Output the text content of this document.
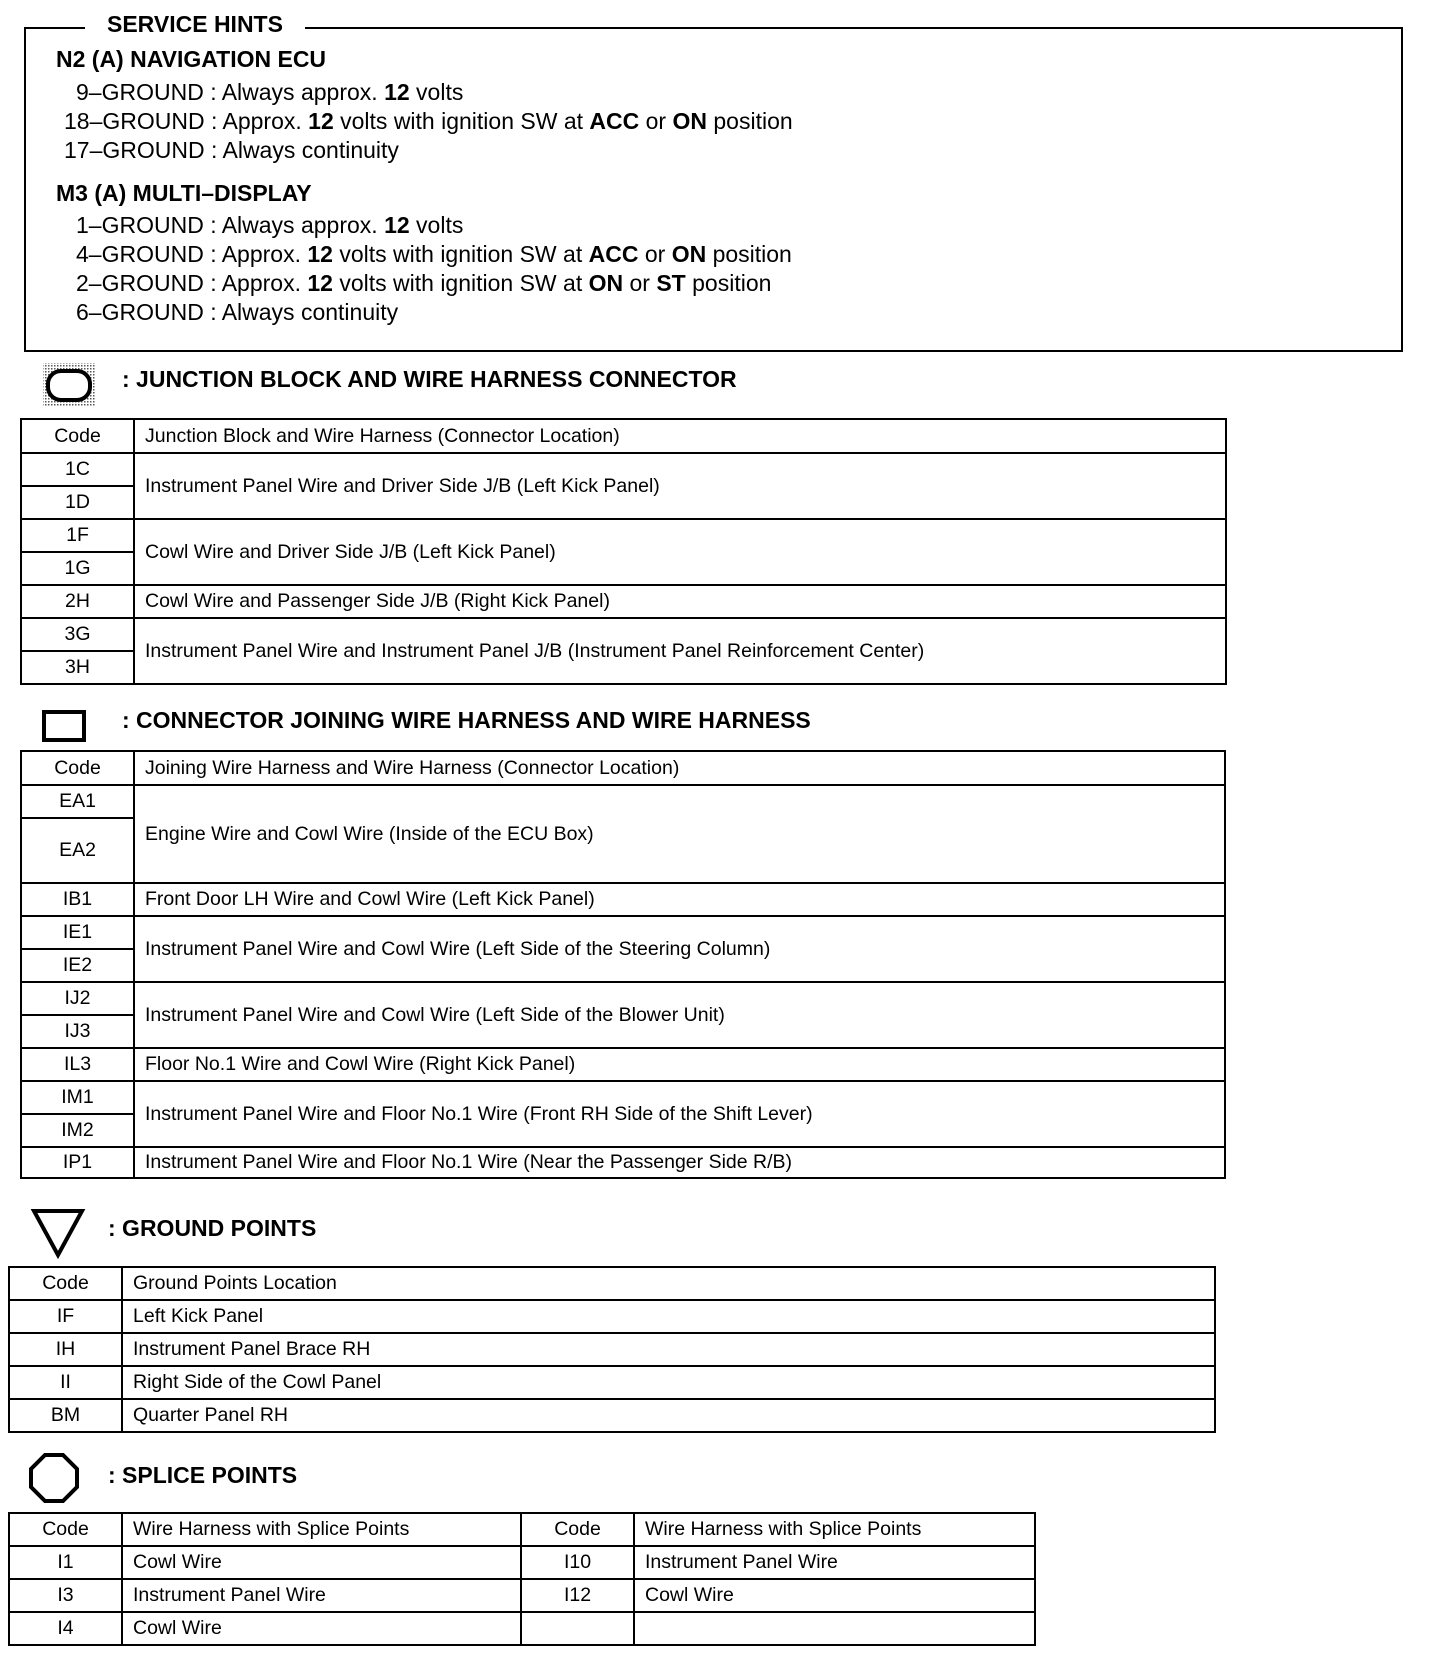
SERVICE HINTS
N2 (A) NAVIGATION ECU
9–GROUND : Always approx. 12 volts
18–GROUND : Approx. 12 volts with ignition SW at ACC or ON position
17–GROUND : Always continuity
M3 (A) MULTI–DISPLAY
1–GROUND : Always approx. 12 volts
4–GROUND : Approx. 12 volts with ignition SW at ACC or ON position
2–GROUND : Approx. 12 volts with ignition SW at ON or ST position
6–GROUND : Always continuity
: JUNCTION BLOCK AND WIRE HARNESS CONNECTOR
Code	Junction Block and Wire Harness (Connector Location)
1C	Instrument Panel Wire and Driver Side J/B (Left Kick Panel)
1D	
1F	Cowl Wire and Driver Side J/B (Left Kick Panel)
1G	
2H	Cowl Wire and Passenger Side J/B (Right Kick Panel)
3G	Instrument Panel Wire and Instrument Panel J/B (Instrument Panel Reinforcement Center)
3H	
: CONNECTOR JOINING WIRE HARNESS AND WIRE HARNESS
Code	Joining Wire Harness and Wire Harness (Connector Location)
EA1	Engine Wire and Cowl Wire (Inside of the ECU Box)
EA2	
IB1	Front Door LH Wire and Cowl Wire (Left Kick Panel)
IE1	Instrument Panel Wire and Cowl Wire (Left Side of the Steering Column)
IE2	
IJ2	Instrument Panel Wire and Cowl Wire (Left Side of the Blower Unit)
IJ3	
IL3	Floor No.1 Wire and Cowl Wire (Right Kick Panel)
IM1	Instrument Panel Wire and Floor No.1 Wire (Front RH Side of the Shift Lever)
IM2	
IP1	Instrument Panel Wire and Floor No.1 Wire (Near the Passenger Side R/B)
: GROUND POINTS
Code	Ground Points Location
IF	Left Kick Panel
IH	Instrument Panel Brace RH
II	Right Side of the Cowl Panel
BM	Quarter Panel RH
: SPLICE POINTS
Code	Wire Harness with Splice Points	Code	Wire Harness with Splice Points
I1	Cowl Wire	I10	Instrument Panel Wire
I3	Instrument Panel Wire	I12	Cowl Wire
I4	Cowl Wire		
